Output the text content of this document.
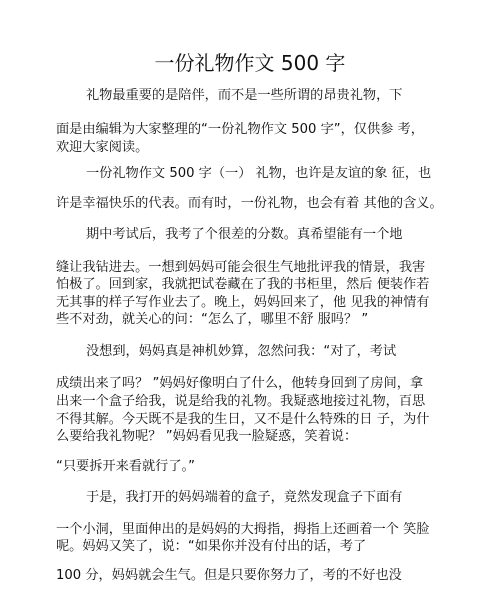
一份礼物作文 500 字
礼物最重要的是陪伴，而不是一些所谓的昂贵礼物，下
面是由编辑为大家整理的“一份礼物作文 500 字”，仅供参 考，
欢迎大家阅读。
一份礼物作文 500 字（一） 礼物，也许是友谊的象 征，也
许是幸福快乐的代表。而有时，一份礼物，也会有着 其他的含义。
期中考试后，我考了个很差的分数。真希望能有一个地
缝让我钻进去。一想到妈妈可能会很生气地批评我的情景，我害
怕极了。回到家，我就把试卷藏在了我的书柜里，然后 便装作若
无其事的样子写作业去了。晚上，妈妈回来了，他 见我的神情有
些不对劲，就关心的问：“怎么了，哪里不舒 服吗？ ”
没想到，妈妈真是神机妙算，忽然问我：“对了，考试
成绩出来了吗？ ”妈妈好像明白了什么，他转身回到了房间，拿
出来一个盒子给我，说是给我的礼物。我疑惑地接过礼物，百思
不得其解。今天既不是我的生日，又不是什么特殊的日 子，为什
么要给我礼物呢？ ”妈妈看见我一脸疑惑，笑着说：
“只要拆开来看就行了。”
于是，我打开的妈妈端着的盒子，竟然发现盒子下面有
一个小洞，里面伸出的是妈妈的大拇指，拇指上还画着一个 笑脸
呢。妈妈又笑了，说：“如果你并没有付出的话，考了
100 分，妈妈就会生气。但是只要你努力了，考的不好也没
